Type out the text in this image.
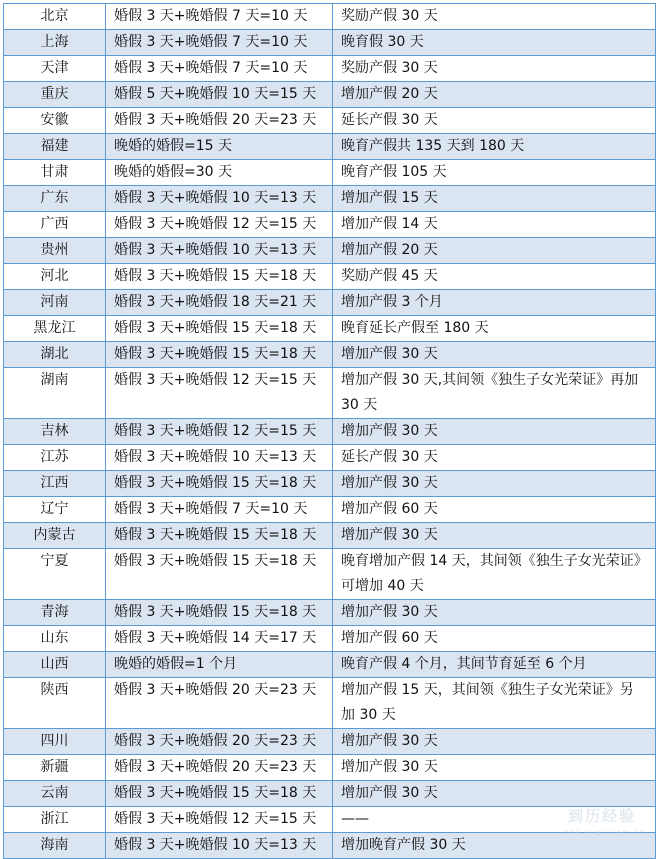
北京	婚假 3 天+晚婚假 7 天=10 天	奖励产假 30 天
上海	婚假 3 天+晚婚假 7 天=10 天	晚育假 30 天
天津	婚假 3 天+晚婚假 7 天=10 天	奖励产假 30 天
重庆	婚假 5 天+晚婚假 10 天=15 天	增加产假 20 天
安徽	婚假 3 天+晚婚假 20 天=23 天	延长产假 30 天
福建	晚婚的婚假=15 天	晚育产假共 135 天到 180 天
甘肃	晚婚的婚假=30 天	晚育产假 105 天
广东	婚假 3 天+晚婚假 10 天=13 天	增加产假 15 天
广西	婚假 3 天+晚婚假 12 天=15 天	增加产假 14 天
贵州	婚假 3 天+晚婚假 10 天=13 天	增加产假 20 天
河北	婚假 3 天+晚婚假 15 天=18 天	奖励产假 45 天
河南	婚假 3 天+晚婚假 18 天=21 天	增加产假 3 个月
黑龙江	婚假 3 天+晚婚假 15 天=18 天	晚育延长产假至 180 天
湖北	婚假 3 天+晚婚假 15 天=18 天	增加产假 30 天
湖南	婚假 3 天+晚婚假 12 天=15 天	增加产假 30 天,其间领《独生子女光荣证》再加 30 天
吉林	婚假 3 天+晚婚假 12 天=15 天	增加产假 30 天
江苏	婚假 3 天+晚婚假 10 天=13 天	延长产假 30 天
江西	婚假 3 天+晚婚假 15 天=18 天	增加产假 30 天
辽宁	婚假 3 天+晚婚假 7 天=10 天	增加产假 60 天
内蒙古	婚假 3 天+晚婚假 15 天=18 天	增加产假 30 天
宁夏	婚假 3 天+晚婚假 15 天=18 天	晚育增加产假 14 天，其间领《独生子女光荣证》可增加 40 天
青海	婚假 3 天+晚婚假 15 天=18 天	增加产假 30 天
山东	婚假 3 天+晚婚假 14 天=17 天	增加产假 60 天
山西	晚婚的婚假=1 个月	晚育产假 4 个月，其间节育延至 6 个月
陕西	婚假 3 天+晚婚假 20 天=23 天	增加产假 15 天，其间领《独生子女光荣证》另加 30 天
四川	婚假 3 天+晚婚假 20 天=23 天	增加产假 30 天
新疆	婚假 3 天+晚婚假 20 天=23 天	增加产假 30 天
云南	婚假 3 天+晚婚假 15 天=18 天	增加产假 30 天
浙江	婚假 3 天+晚婚假 12 天=15 天	——
海南	婚假 3 天+晚婚假 10 天=13 天	增加晚育产假 30 天
到历经验
pbs.yiwu.com.cn
